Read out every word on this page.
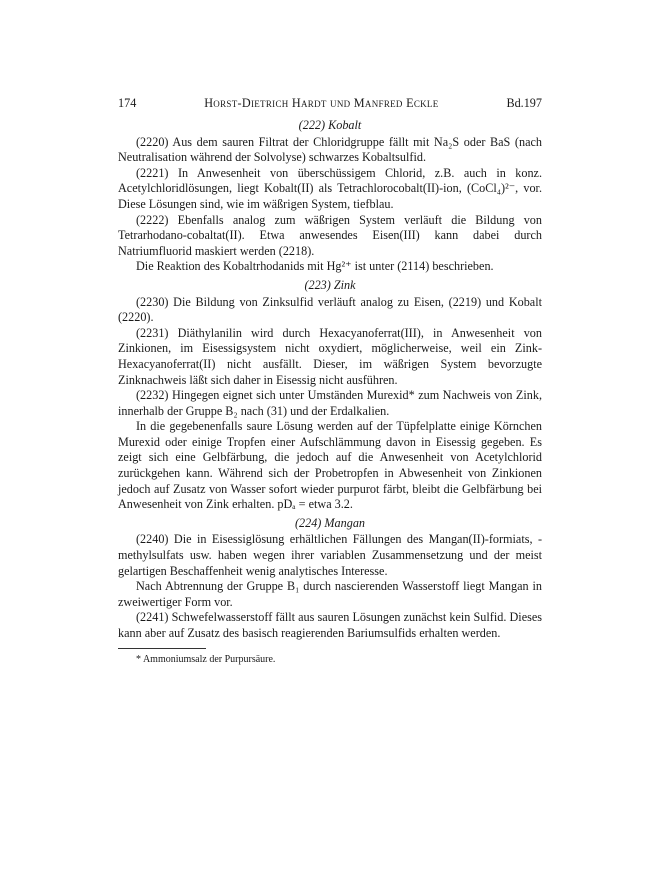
174	Horst-Dietrich Hardt und Manfred Eckle	Bd.197
(222) Kobalt

(2220) Aus dem sauren Filtrat der Chloridgruppe fällt mit Na₂S oder BaS (nach Neutralisation während der Solvolyse) schwarzes Kobaltsulfid.

(2221) In Anwesenheit von überschüssigem Chlorid, z.B. auch in konz. Acetylchloridlösungen, liegt Kobalt(II) als Tetrachlorocobalt(II)-ion, (CoCl₄)²⁻, vor. Diese Lösungen sind, wie im wäßrigen System, tiefblau.

(2222) Ebenfalls analog zum wäßrigen System verläuft die Bildung von Tetrarhodano-cobaltat(II). Etwa anwesendes Eisen(III) kann dabei durch Natriumfluorid maskiert werden (2218).

Die Reaktion des Kobaltrhodanids mit Hg²⁺ ist unter (2114) beschrieben.

(223) Zink

(2230) Die Bildung von Zinksulfid verläuft analog zu Eisen, (2219) und Kobalt (2220).

(2231) Diäthylanilin wird durch Hexacyanoferrat(III), in Anwesenheit von Zinkionen, im Eisessigsystem nicht oxydiert, möglicherweise, weil ein Zink-Hexacyanoferrat(II) nicht ausfällt. Dieser, im wäßrigen System bevorzugte Zinknachweis läßt sich daher in Eisessig nicht ausführen.

(2232) Hingegen eignet sich unter Umständen Murexid* zum Nachweis von Zink, innerhalb der Gruppe B₂ nach (31) und der Erdalkalien.

In die gegebenenfalls saure Lösung werden auf der Tüpfelplatte einige Körnchen Murexid oder einige Tropfen einer Aufschlämmung davon in Eisessig gegeben. Es zeigt sich eine Gelbfärbung, die jedoch auf die Anwesenheit von Acetylchlorid zurückgehen kann. Während sich der Probetropfen in Abwesenheit von Zinkionen jedoch auf Zusatz von Wasser sofort wieder purpurot färbt, bleibt die Gelbfärbung bei Anwesenheit von Zink erhalten. pDₐ = etwa 3.2.

(224) Mangan

(2240) Die in Eisessiglösung erhältlichen Fällungen des Mangan(II)-formiats, -methylsulfats usw. haben wegen ihrer variablen Zusammensetzung und der meist gelartigen Beschaffenheit wenig analytisches Interesse.

Nach Abtrennung der Gruppe B₁ durch nascierenden Wasserstoff liegt Mangan in zweiwertiger Form vor.

(2241) Schwefelwasserstoff fällt aus sauren Lösungen zunächst kein Sulfid. Dieses kann aber auf Zusatz des basisch reagierenden Bariumsulfids erhalten werden.

* Ammoniumsalz der Purpursäure.
